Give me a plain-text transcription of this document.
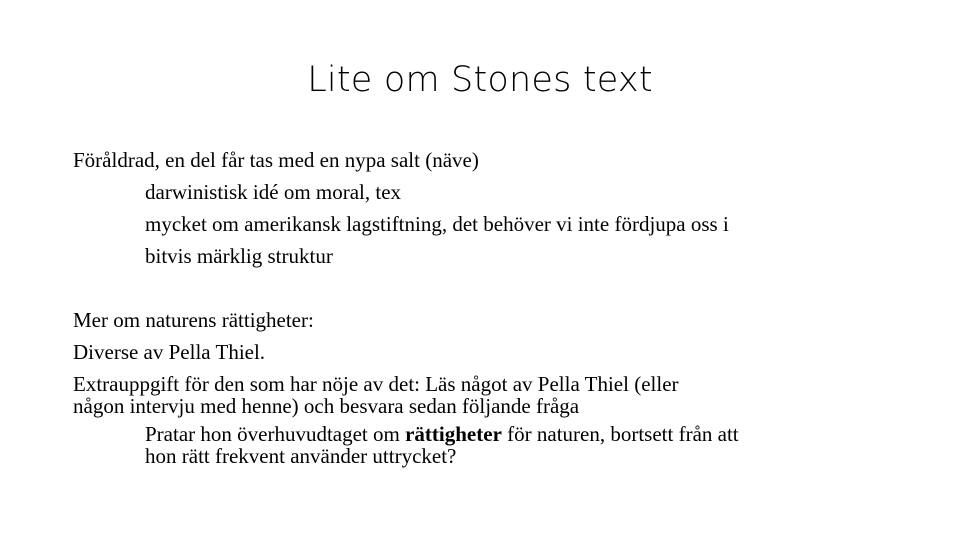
Lite om Stones text
Föråldrad, en del får tas med en nypa salt (näve)
darwinistisk idé om moral, tex
mycket om amerikansk lagstiftning, det behöver vi inte fördjupa oss i
bitvis märklig struktur
Mer om naturens rättigheter:
Diverse av Pella Thiel.
Extrauppgift för den som har nöje av det: Läs något av Pella Thiel (eller
någon intervju med henne) och besvara sedan följande fråga
Pratar hon överhuvudtaget om rättigheter för naturen, bortsett från att
hon rätt frekvent använder uttrycket?
